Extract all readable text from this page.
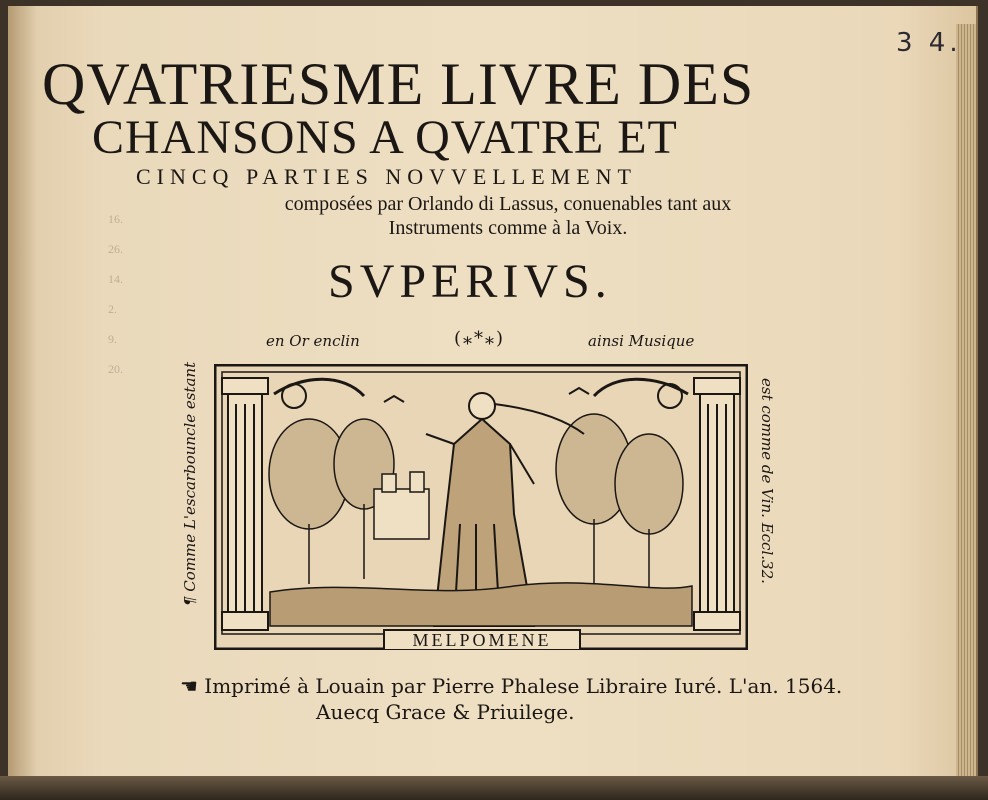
16.

26.

14.

2.

9.

20.
3 4.
QVATRIESME LIVRE DES
CHANSONS A QVATRE ET
CINCQ PARTIES NOVVELLEMENT
composées par Orlando di Lassus, conuenables tant aux Instruments comme à la Voix.
SVPERIVS.
en Or enclin	(⁎*⁎)	ainsi Musique
¶ Comme L'escarbouncle estant	est comme de Vin. Eccl.32.
MELPOMENE
☚ Imprimé à Louain par Pierre Phalese Libraire Iuré. L'an. 1564.
Auecq Grace & Priuilege.
